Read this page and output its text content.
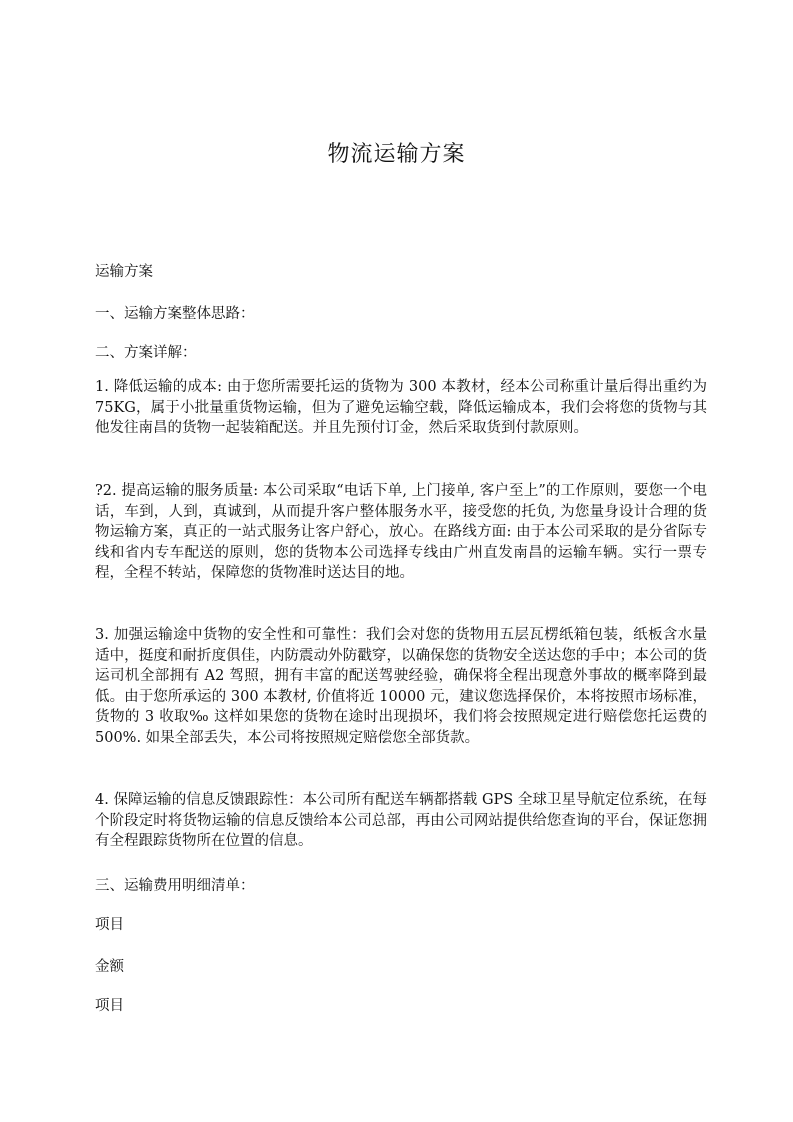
物流运输方案

运输方案

一、运输方案整体思路：

二、方案详解：

1. 降低运输的成本: 由于您所需要托运的货物为 300 本教材，经本公司称重计量后得出重约为 75KG，属于小批量重货物运输，但为了避免运输空载，降低运输成本，我们会将您的货物与其他发往南昌的货物一起装箱配送。并且先预付订金，然后采取货到付款原则。

?2. 提高运输的服务质量: 本公司采取“电话下单, 上门接单, 客户至上”的工作原则，要您一个电话，车到，人到，真诚到，从而提升客户整体服务水平，接受您的托负, 为您量身设计合理的货物运输方案，真正的一站式服务让客户舒心，放心。在路线方面: 由于本公司采取的是分省际专线和省内专车配送的原则，您的货物本公司选择专线由广州直发南昌的运输车辆。实行一票专程，全程不转站，保障您的货物准时送达目的地。

3. 加强运输途中货物的安全性和可靠性：我们会对您的货物用五层瓦楞纸箱包装，纸板含水量适中，挺度和耐折度俱佳，内防震动外防戳穿，以确保您的货物安全送达您的手中；本公司的货运司机全部拥有 A2 驾照，拥有丰富的配送驾驶经验，确保将全程出现意外事故的概率降到最低。由于您所承运的 300 本教材, 价值将近 10000 元，建议您选择保价，本将按照市场标准，货物的 3 收取‰ 这样如果您的货物在途时出现损坏，我们将会按照规定进行赔偿您托运费的 500%. 如果全部丢失，本公司将按照规定赔偿您全部货款。

4. 保障运输的信息反馈跟踪性：本公司所有配送车辆都搭载 GPS 全球卫星导航定位系统，在每个阶段定时将货物运输的信息反馈给本公司总部，再由公司网站提供给您查询的平台，保证您拥有全程跟踪货物所在位置的信息。

三、运输费用明细清单：

项目

金额

项目
